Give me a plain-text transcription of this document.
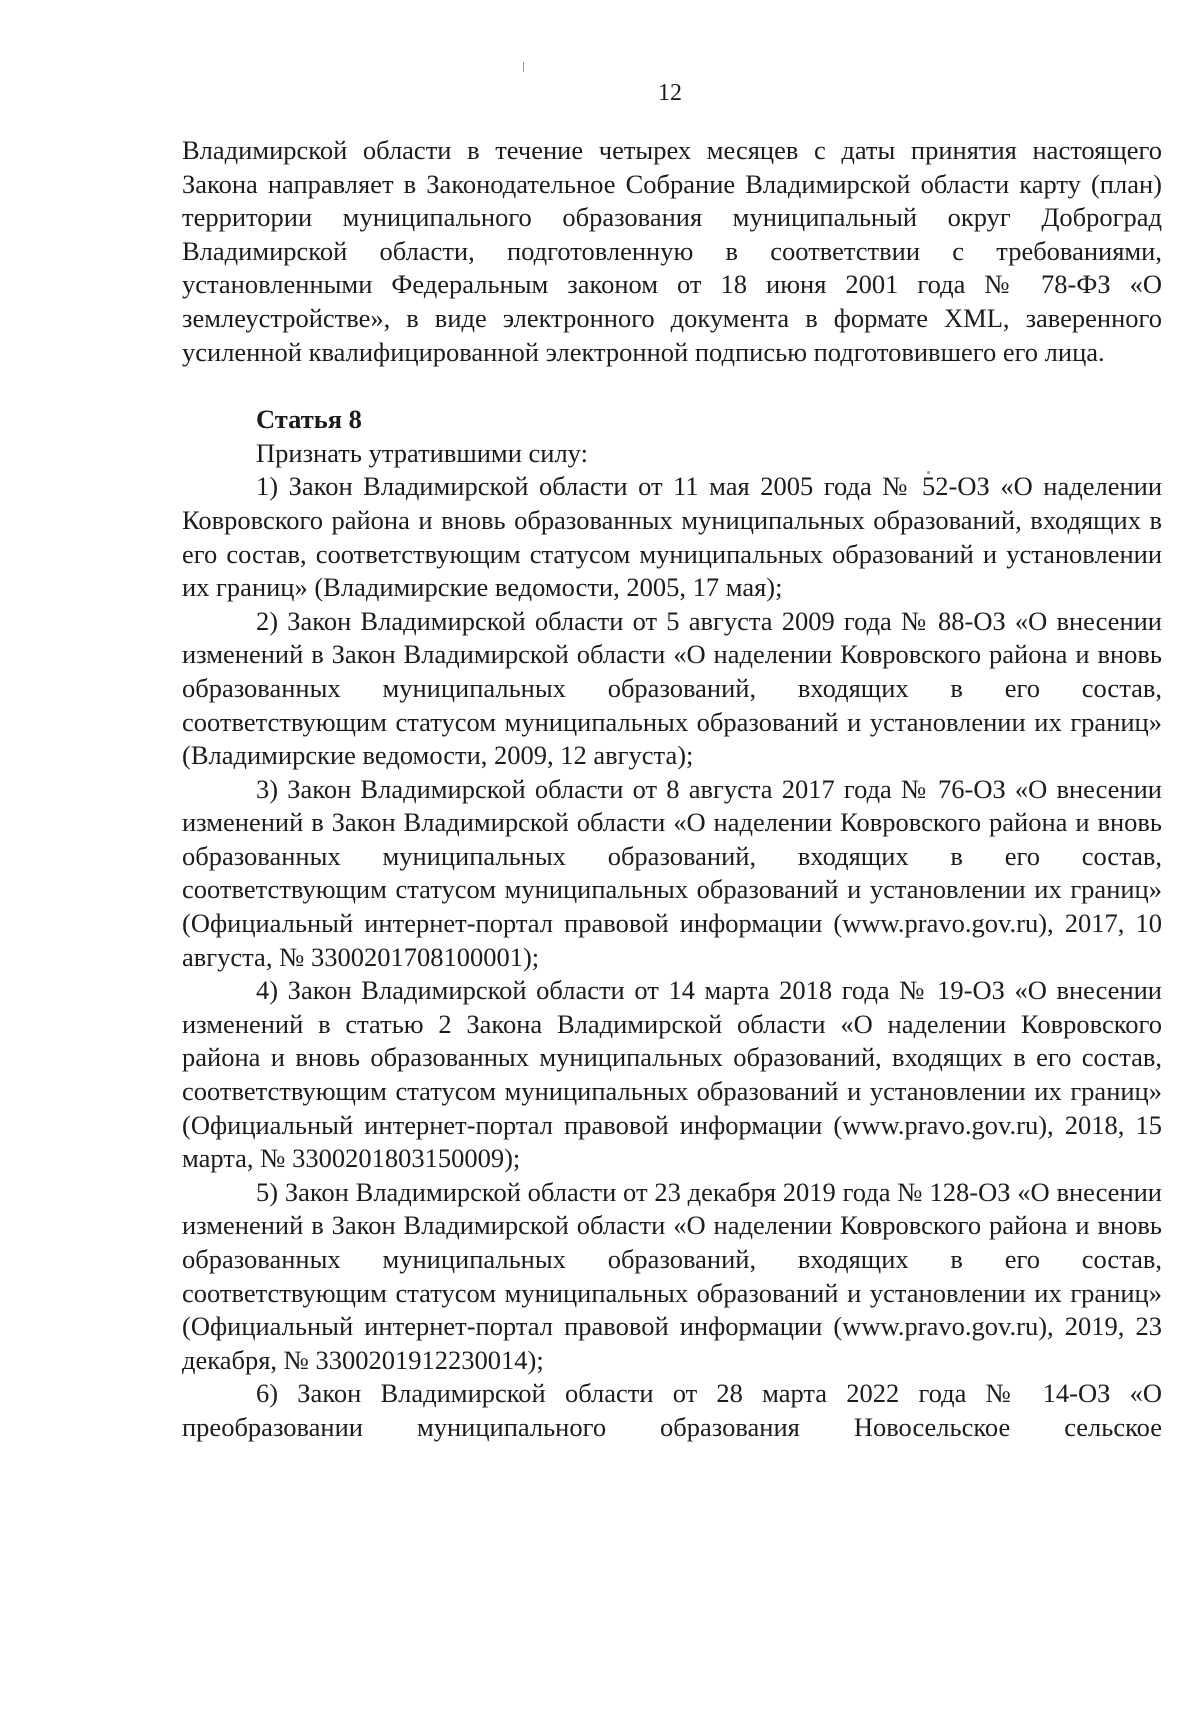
12

Владимирской области в течение четырех месяцев с даты принятия настоящего Закона направляет в Законодательное Собрание Владимирской области карту (план) территории муниципального образования муниципальный округ Доброград Владимирской области, подготовленную в соответствии с требованиями, установленными Федеральным законом от 18 июня 2001 года № 78-ФЗ «О землеустройстве», в виде электронного документа в формате XML, заверенного усиленной квалифицированной электронной подписью подготовившего его лица.

Статья 8

Признать утратившими силу:

1) Закон Владимирской области от 11 мая 2005 года № 52-ОЗ «О наделении Ковровского района и вновь образованных муниципальных образований, входящих в его состав, соответствующим статусом муниципальных образований и установлении их границ» (Владимирские ведомости, 2005, 17 мая);

2) Закон Владимирской области от 5 августа 2009 года № 88-ОЗ «О внесении изменений в Закон Владимирской области «О наделении Ковровского района и вновь образованных муниципальных образований, входящих в его состав, соответствующим статусом муниципальных образований и установлении их границ» (Владимирские ведомости, 2009, 12 августа);

3) Закон Владимирской области от 8 августа 2017 года № 76-ОЗ «О внесении изменений в Закон Владимирской области «О наделении Ковровского района и вновь образованных муниципальных образований, входящих в его состав, соответствующим статусом муниципальных образований и установлении их границ» (Официальный интернет-портал правовой информации (www.pravo.gov.ru), 2017, 10 августа, № 3300201708100001);

4) Закон Владимирской области от 14 марта 2018 года № 19-ОЗ «О внесении изменений в статью 2 Закона Владимирской области «О наделении Ковровского района и вновь образованных муниципальных образований, входящих в его состав, соответствующим статусом муниципальных образований и установлении их границ» (Официальный интернет-портал правовой информации (www.pravo.gov.ru), 2018, 15 марта, № 3300201803150009);

5) Закон Владимирской области от 23 декабря 2019 года № 128-ОЗ «О внесении изменений в Закон Владимирской области «О наделении Ковровского района и вновь образованных муниципальных образований, входящих в его состав, соответствующим статусом муниципальных образований и установлении их границ» (Официальный интернет-портал правовой информации (www.pravo.gov.ru), 2019, 23 декабря, № 3300201912230014);

6) Закон Владимирской области от 28 марта 2022 года № 14-ОЗ «О преобразовании муниципального образования Новосельское сельское
